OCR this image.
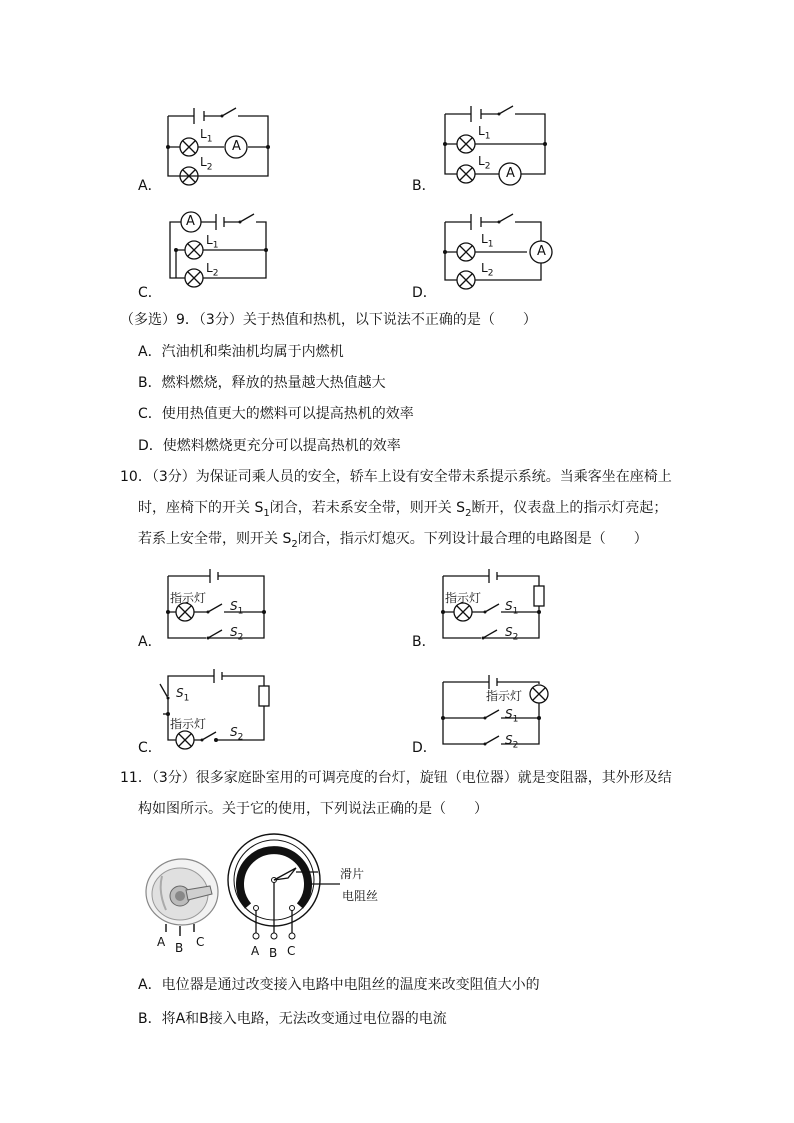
A
$L_1$
$L_2$
A．
A
$L_1$
$L_2$
B．
A
$L_1$
$L_2$
C．
A
$L_1$
$L_2$
D．
（多选）9．（3分）关于热值和热机，以下说法不正确的是（　　）
A．汽油机和柴油机均属于内燃机
B．燃料燃烧，释放的热量越大热值越大
C．使用热值更大的燃料可以提高热机的效率
D．使燃料燃烧更充分可以提高热机的效率
10．（3分）为保证司乘人员的安全，轿车上设有安全带未系提示系统。当乘客坐在座椅上
时，座椅下的开关 $S_1$闭合，若未系安全带，则开关 $S_2$断开，仪表盘上的指示灯亮起；
若系上安全带，则开关 $S_2$闭合，指示灯熄灭。下列设计最合理的电路图是（　　）
指示灯
$S_1$
$S_2$
A．
指示灯
$S_1$
$S_2$
B．
$S_1$
指示灯
$S_2$
C．
指示灯
$S_1$
$S_2$
D．
11．（3分）很多家庭卧室用的可调亮度的台灯，旋钮（电位器）就是变阻器，其外形及结
构如图所示。关于它的使用，下列说法正确的是（　　）
A B C
滑片
电阻丝
A B C
A．电位器是通过改变接入电路中电阻丝的温度来改变阻值大小的
B．将A和B接入电路，无法改变通过电位器的电流
